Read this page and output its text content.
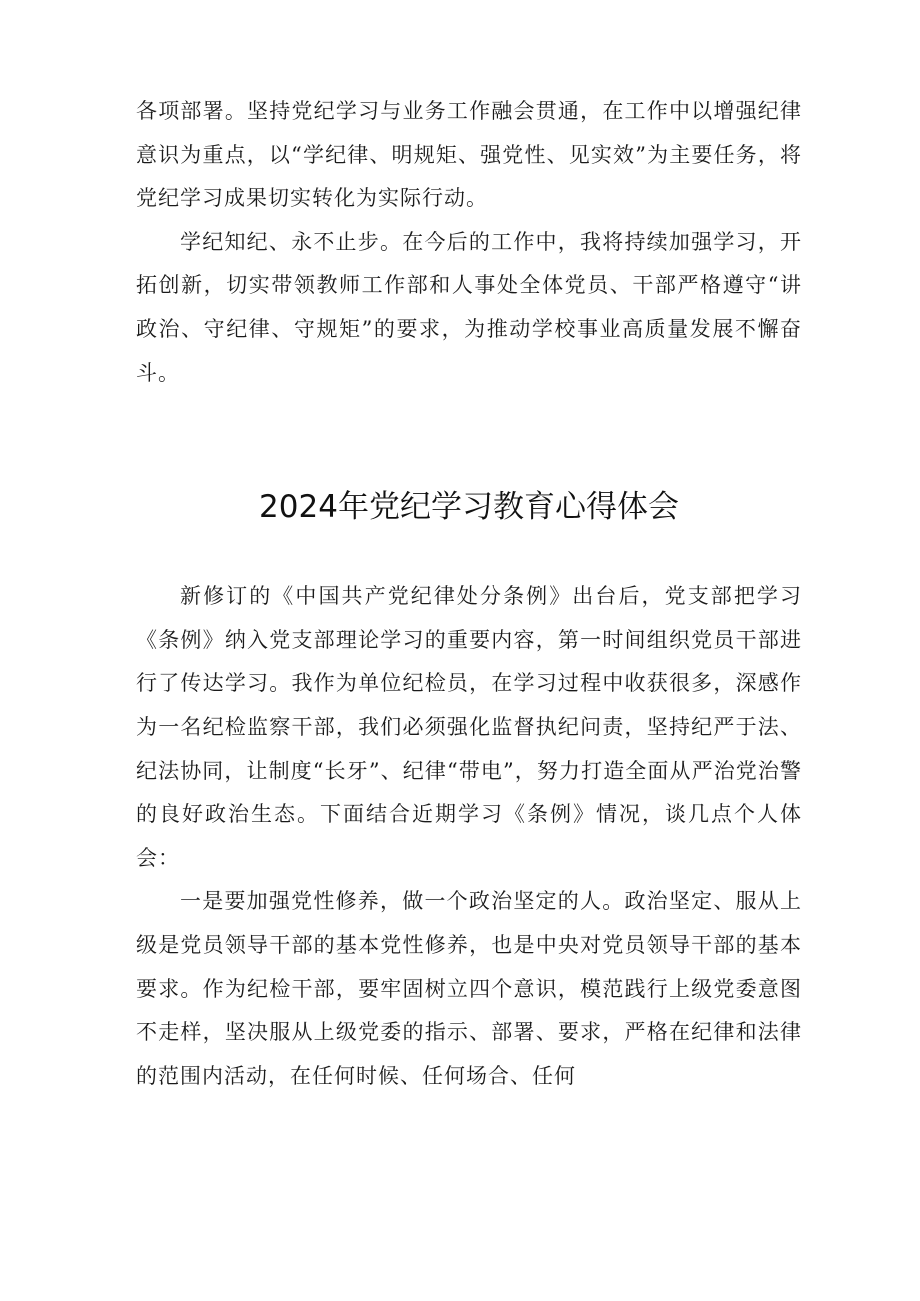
各项部署。坚持党纪学习与业务工作融会贯通，在工作中以增强纪律意识为重点，以“学纪律、明规矩、强党性、见实效”为主要任务，将党纪学习成果切实转化为实际行动。

学纪知纪、永不止步。在今后的工作中，我将持续加强学习，开拓创新，切实带领教师工作部和人事处全体党员、干部严格遵守“讲政治、守纪律、守规矩”的要求，为推动学校事业高质量发展不懈奋斗。

2024年党纪学习教育心得体会

新修订的《中国共产党纪律处分条例》出台后，党支部把学习《条例》纳入党支部理论学习的重要内容，第一时间组织党员干部进行了传达学习。我作为单位纪检员，在学习过程中收获很多，深感作为一名纪检监察干部，我们必须强化监督执纪问责，坚持纪严于法、纪法协同，让制度“长牙”、纪律“带电”，努力打造全面从严治党治警的良好政治生态。下面结合近期学习《条例》情况，谈几点个人体会：

一是要加强党性修养，做一个政治坚定的人。政治坚定、服从上级是党员领导干部的基本党性修养，也是中央对党员领导干部的基本要求。作为纪检干部，要牢固树立四个意识，模范践行上级党委意图不走样，坚决服从上级党委的指示、部署、要求，严格在纪律和法律的范围内活动，在任何时候、任何场合、任何
